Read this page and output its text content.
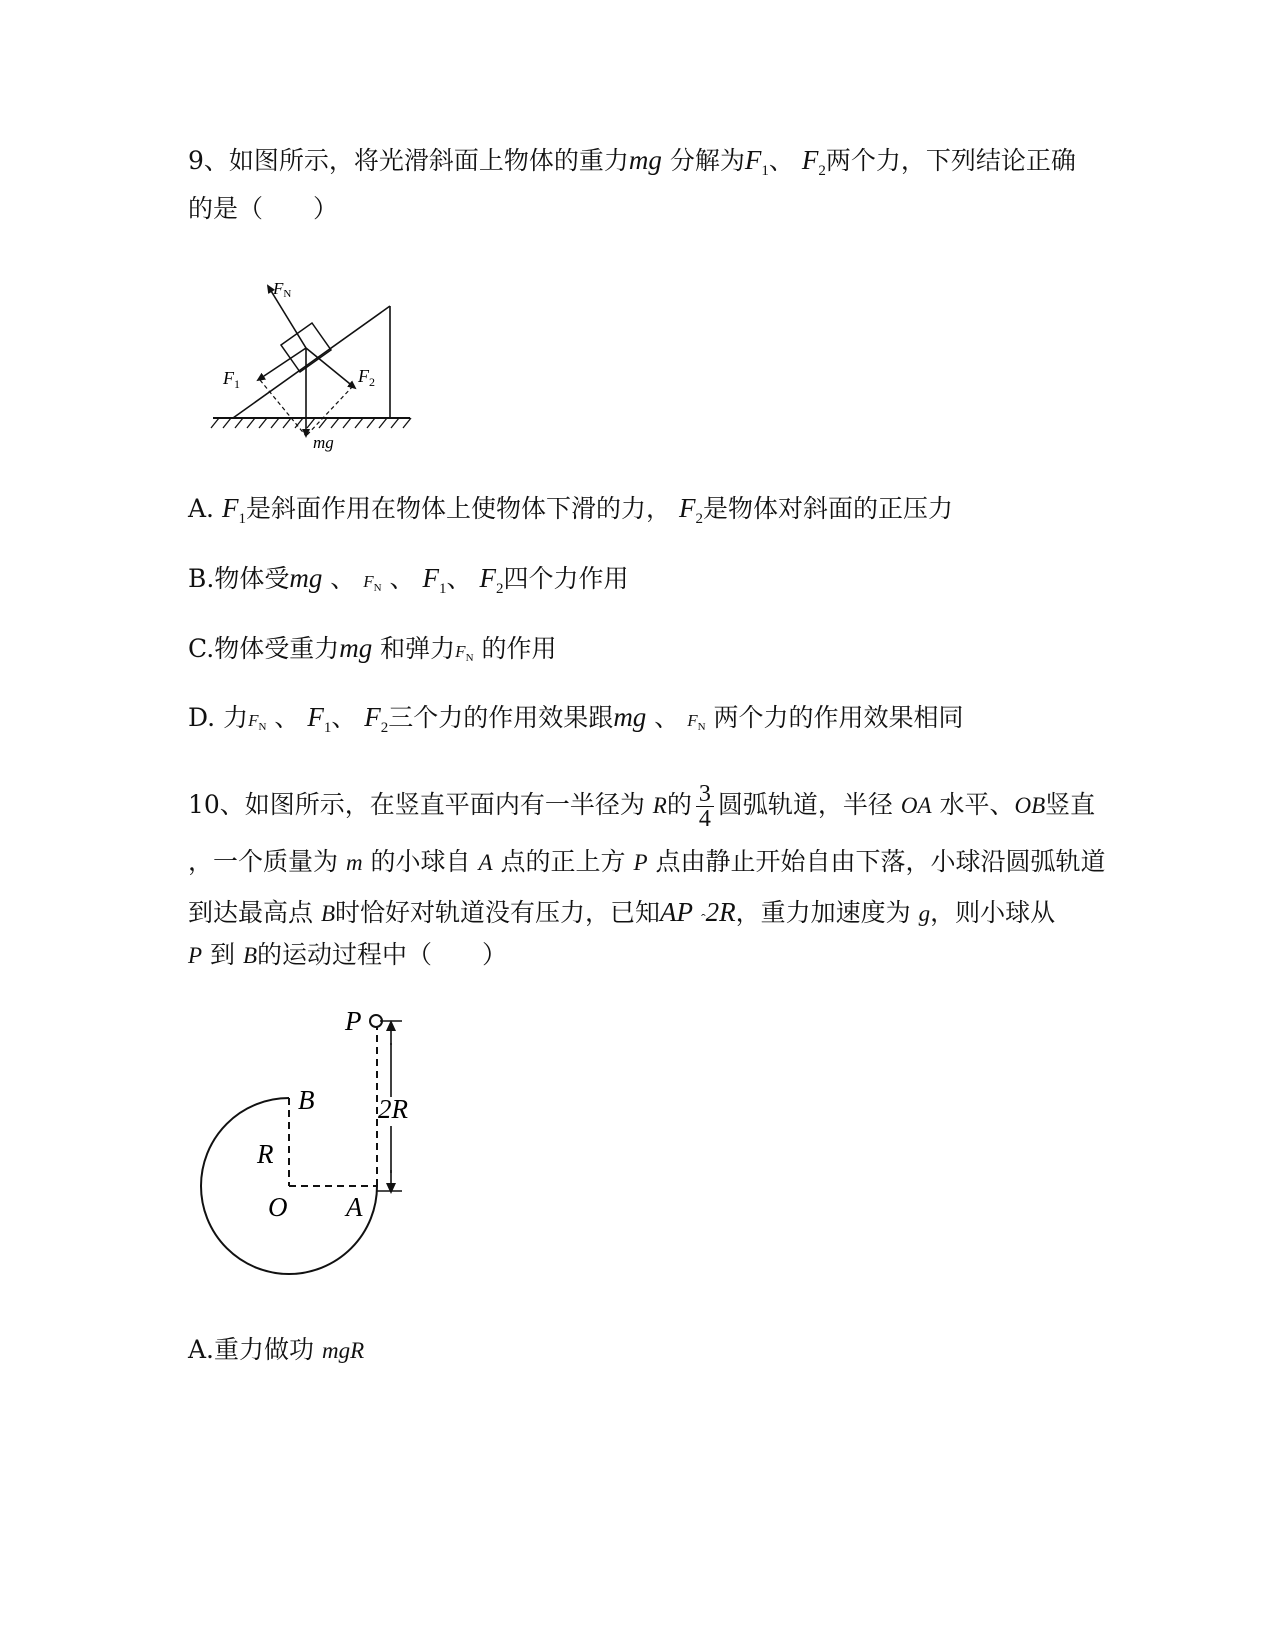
9、如图所示，将光滑斜面上物体的重力mg 分解为$F_1$、 $F_2$两个力，下列结论正确
的是（　　）
FN
$F_1$	$F_2$
mg
A. $F_1$是斜面作用在物体上使物体下滑的力， $F_2$是物体对斜面的正压力
B.物体受mg 、 $F_N$ 、 $F_1$、 $F_2$四个力作用
C.物体受重力mg 和弹力$F_N$ 的作用
D. 力$F_N$ 、 $F_1$、 $F_2$三个力的作用效果跟mg 、 $F_N$ 两个力的作用效果相同
10、如图所示，在竖直平面内有一半径为 R的 $\frac{3}{4}$ 圆弧轨道，半径 OA 水平、OB竖直
，一个质量为 m 的小球自 A 点的正上方 P 点由静止开始自由下落，小球沿圆弧轨道
到达最高点 B时恰好对轨道没有压力，已知AP $^ꞈ$2R，重力加速度为 g，则小球从
P 到 B的运动过程中（　　）
P
B
R
2R
O A
A.重力做功 mgR
